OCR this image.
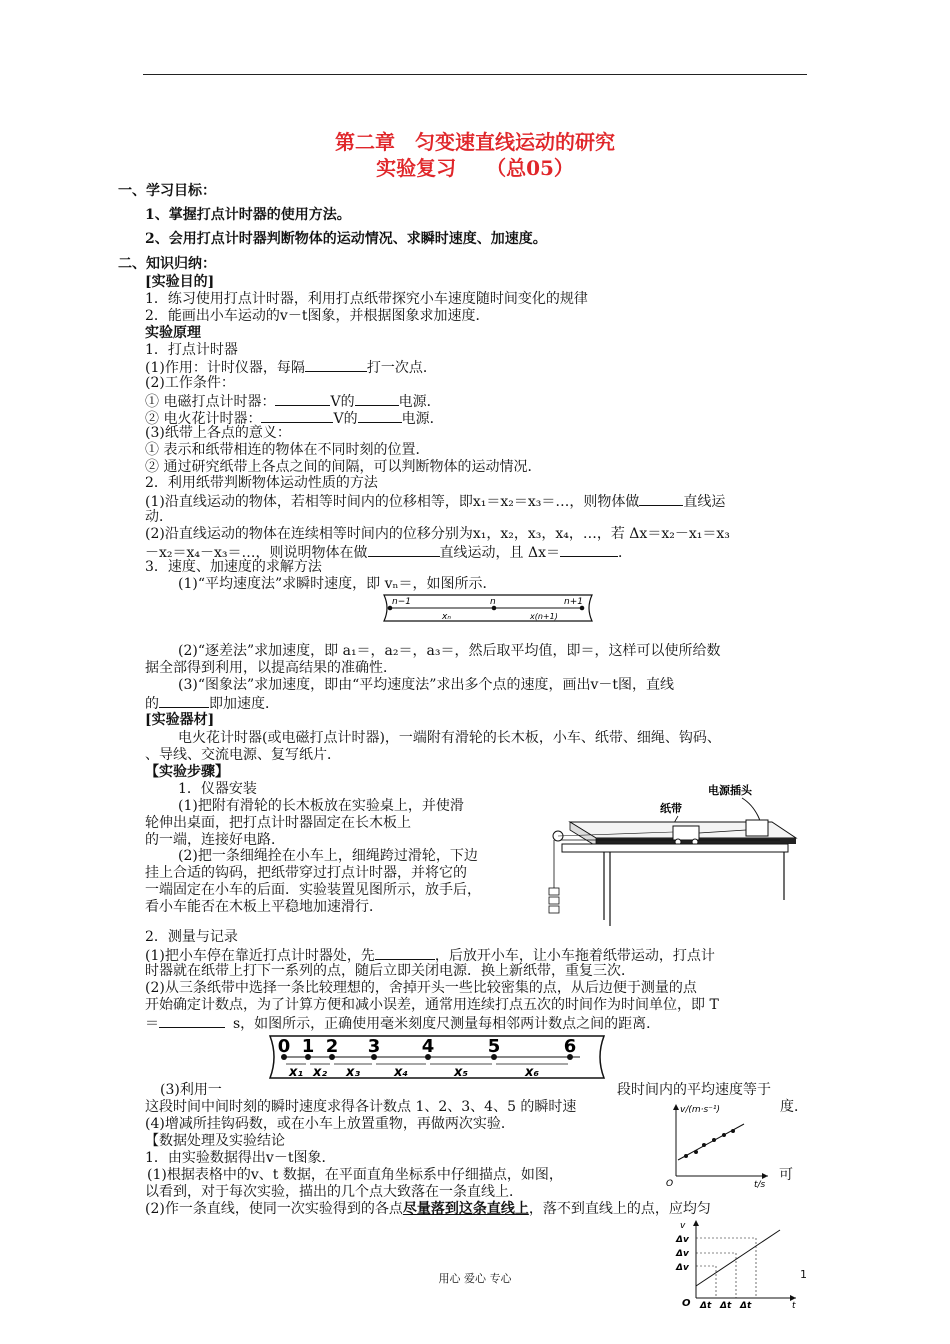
第二章　匀变速直线运动的研究
实验复习　　（总05）
一、学习目标：
1、掌握打点计时器的使用方法。
2、会用打点计时器判断物体的运动情况、求瞬时速度、加速度。
二、知识归纳：
[实验目的]
1．练习使用打点计时器，利用打点纸带探究小车速度随时间变化的规律
2．能画出小车运动的v－t图象，并根据图象求加速度．
实验原理
1．打点计时器
(1)作用：计时仪器，每隔	打一次点．
(2)工作条件：
① 电磁打点计时器：	V的	电源．
② 电火花计时器：	V的	电源．
(3)纸带上各点的意义：
① 表示和纸带相连的物体在不同时刻的位置．
② 通过研究纸带上各点之间的间隔，可以判断物体的运动情况．
2．利用纸带判断物体运动性质的方法
(1)沿直线运动的物体，若相等时间内的位移相等，即x₁＝x₂＝x₃＝…，则物体做	直线运
动．
(2)沿直线运动的物体在连续相等时间内的位移分别为x₁，x₂，x₃，x₄，…，若 Δx＝x₂－x₁＝x₃
－x₂＝x₄－x₃＝…，则说明物体在做	直线运动，且 Δx＝	．
3．速度、加速度的求解方法
(1)“平均速度法”求瞬时速度，即 vₙ＝，如图所示．
n−1
xₙ
n
x(n+1)
n+1
(2)“逐差法”求加速度，即 a₁＝，a₂＝，a₃＝，然后取平均值，即＝，这样可以使所给数
据全部得到利用，以提高结果的准确性．
(3)“图象法”求加速度，即由“平均速度法”求出多个点的速度，画出v－t图，直线
的	即加速度．
[实验器材]
电火花计时器(或电磁打点计时器)，一端附有滑轮的长木板，小车、纸带、细绳、钩码、
、导线、交流电源、复写纸片．
【实验步骤】
1．仪器安装
(1)把附有滑轮的长木板放在实验桌上，并使滑
轮伸出桌面，把打点计时器固定在长木板上
的一端，连接好电路．
(2)把一条细绳拴在小车上，细绳跨过滑轮，下边
挂上合适的钩码，把纸带穿过打点计时器，并将它的
一端固定在小车的后面．实验装置见图所示，放手后，
看小车能否在木板上平稳地加速滑行．
电源插头
纸带
2．测量与记录
(1)把小车停在靠近打点计时器处，先	，后放开小车，让小车拖着纸带运动，打点计
时器就在纸带上打下一系列的点，随后立即关闭电源．换上新纸带，重复三次．
(2)从三条纸带中选择一条比较理想的，舍掉开头一些比较密集的点，从后边便于测量的点
开始确定计数点，为了计算方便和减小误差，通常用连续打点五次的时间作为时间单位，即 T
＝	s，如图所示，正确使用毫米刻度尺测量每相邻两计数点之间的距离．
0 1 2 3 4	5	6
x₁ x₂ x₃	x₄	x₅	x₆
(3)利用一	段时间内的平均速度等于
这段时间中间时刻的瞬时速度求得各计数点 1、2、3、4、5 的瞬时速	度．
(4)增减所挂钩码数，或在小车上放置重物，再做两次实验．
【数据处理及实验结论
1．由实验数据得出v－t图象．
(1)根据表格中的v、t 数据，在平面直角坐标系中仔细描点，如图，	可
以看到，对于每次实验，描出的几个点大致落在一条直线上．
(2)作一条直线，使同一次实验得到的各点尽量落到这条直线上，落不到直线上的点，应均匀
v/(m·s⁻¹)
t/s
O
v
t
O
Δv
Δv
Δv
Δt Δt Δt
用心 爱心 专心	1
